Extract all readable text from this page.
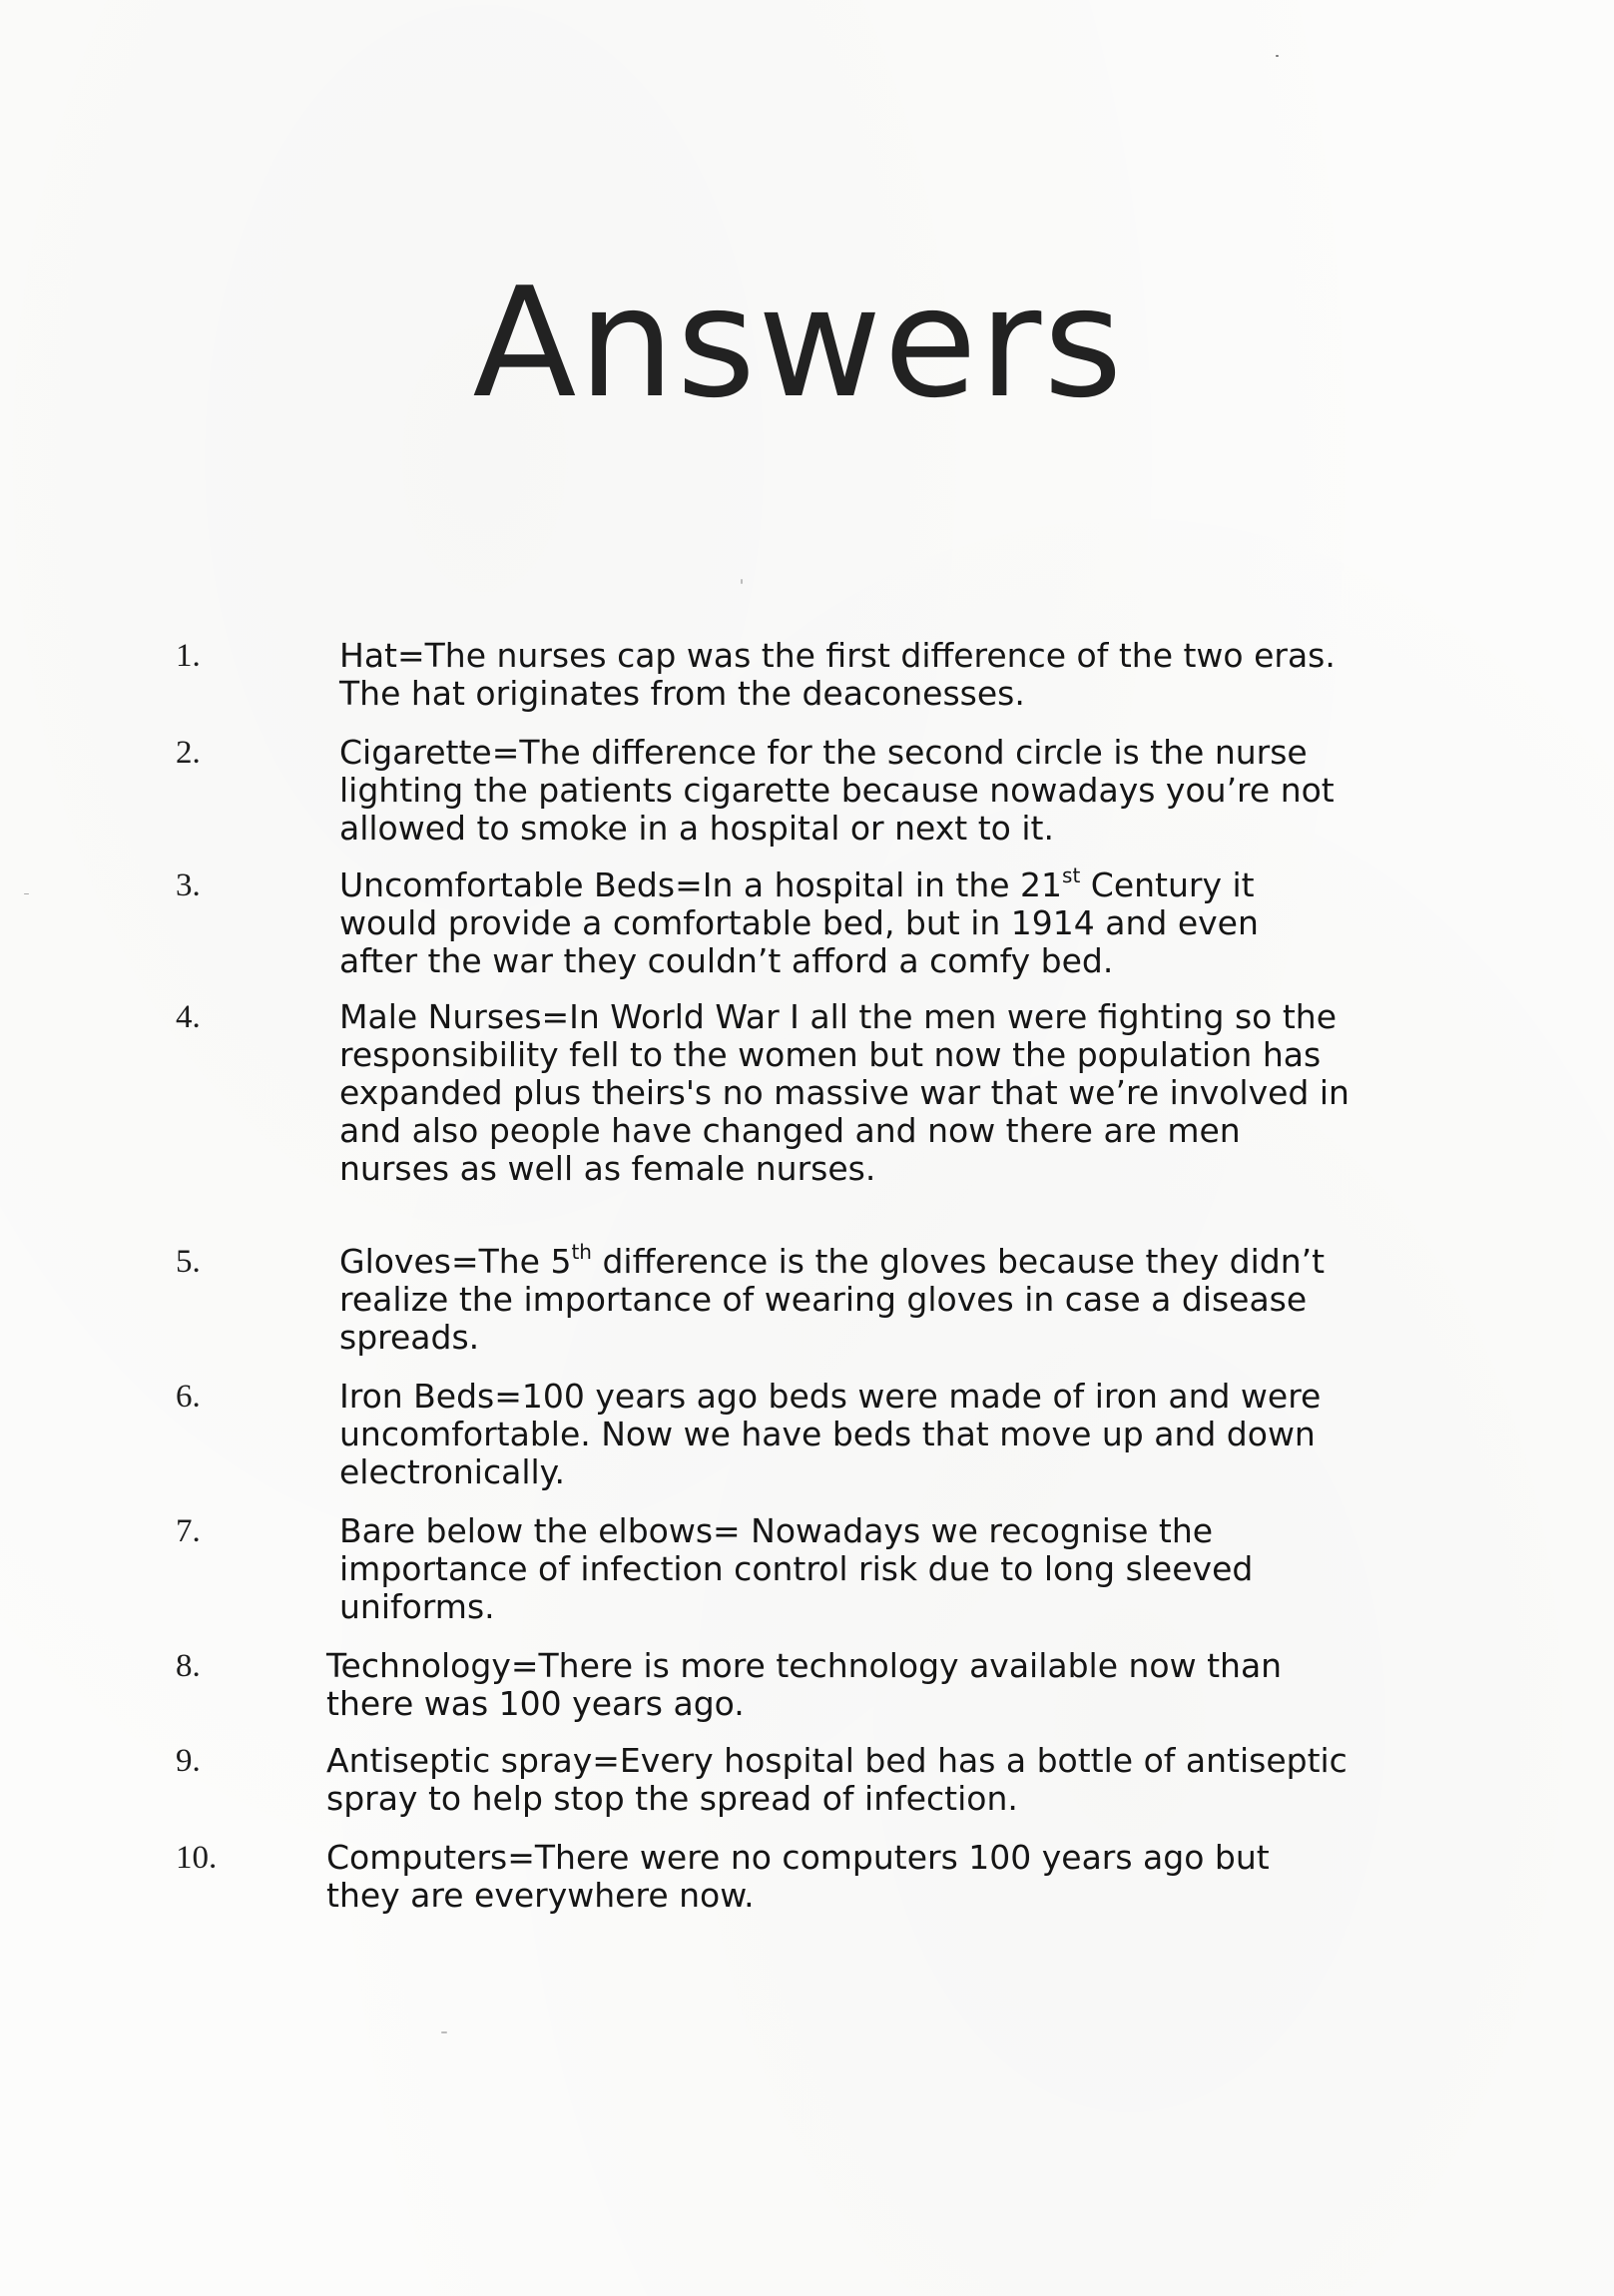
Answers
1.	Hat=The nurses cap was the first difference of the two eras.
The hat originates from the deaconesses.
2.	Cigarette=The difference for the second circle is the nurse
lighting the patients cigarette because nowadays you’re not
allowed to smoke in a hospital or next to it.
3.	Uncomfortable Beds=In a hospital in the 21st Century it
would provide a comfortable bed, but in 1914 and even
after the war they couldn’t afford a comfy bed.
4.	Male Nurses=In World War I all the men were fighting so the
responsibility fell to the women but now the population has
expanded plus theirs's no massive war that we’re involved in
and also people have changed and now there are men
nurses as well as female nurses.
5.	Gloves=The 5th difference is the gloves because they didn’t
realize the importance of wearing gloves in case a disease
spreads.
6.	Iron Beds=100 years ago beds were made of iron and were
uncomfortable. Now we have beds that move up and down
electronically.
7.	Bare below the elbows= Nowadays we recognise the
importance of infection control risk due to long sleeved
uniforms.
8.	Technology=There is more technology available now than
there was 100 years ago.
9.	Antiseptic spray=Every hospital bed has a bottle of antiseptic
spray to help stop the spread of infection.
10.	Computers=There were no computers 100 years ago but
they are everywhere now.
